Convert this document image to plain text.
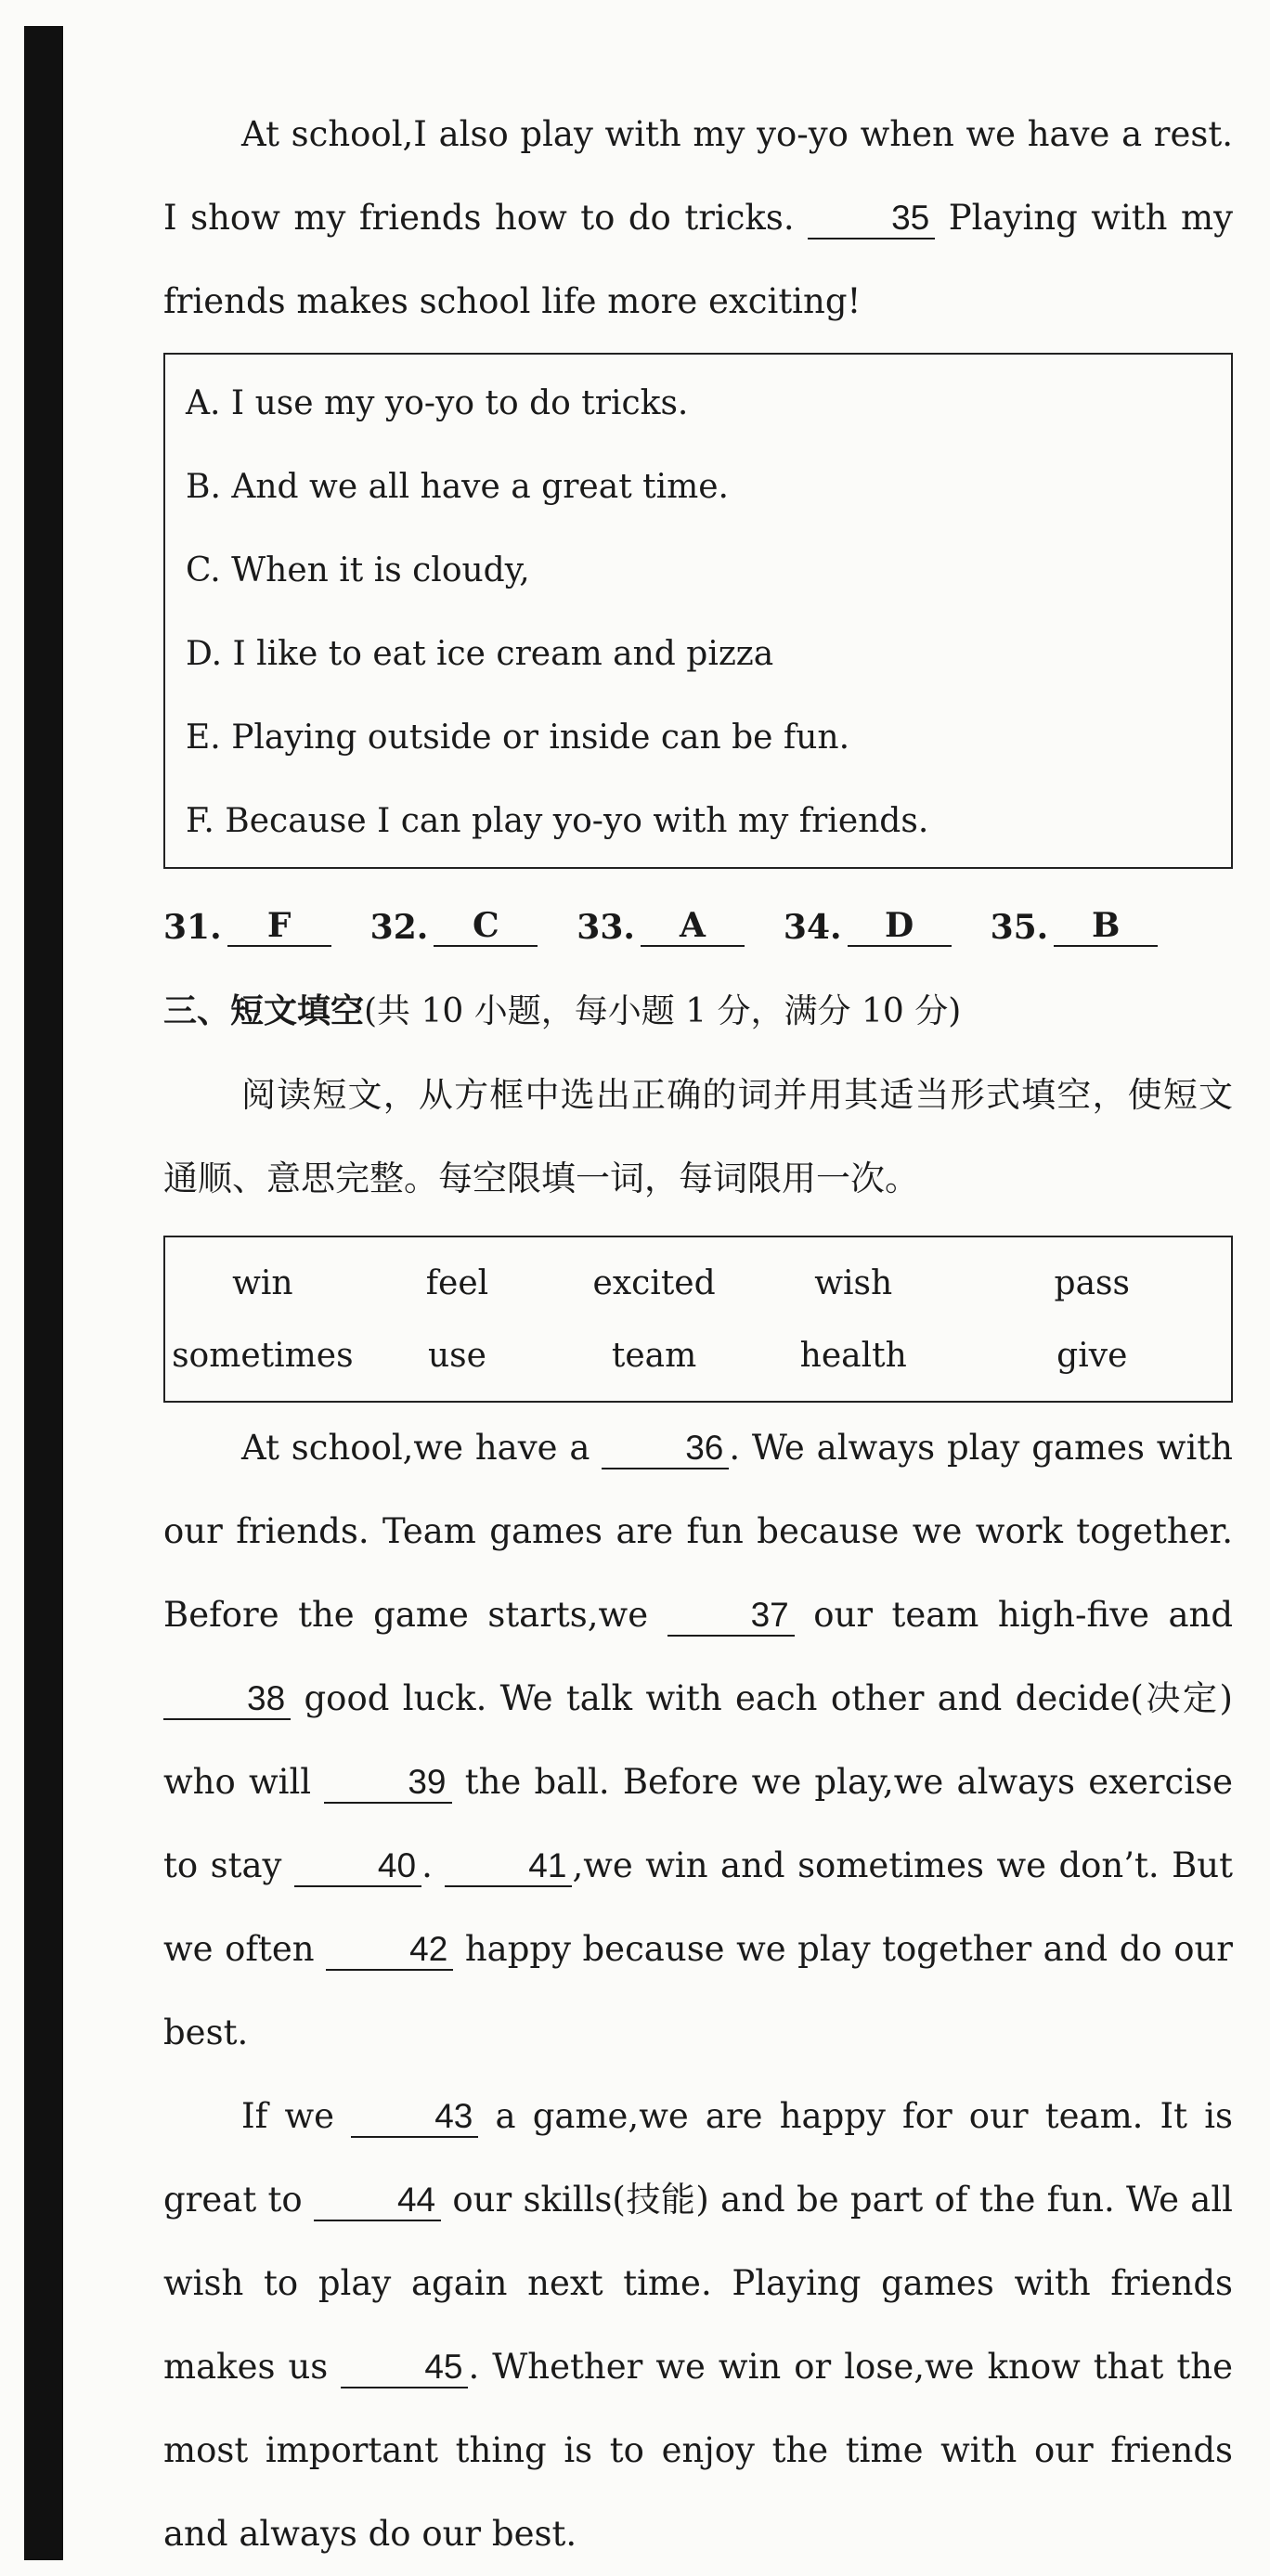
At school,I also play with my yo-yo when we have a rest. I show my friends how to do tricks.	35 Playing with my friends makes school life more exciting!

A. I use my yo-yo to do tricks.
B. And we all have a great time.
C. When it is cloudy,
D. I like to eat ice cream and pizza
E. Playing outside or inside can be fun.
F. Because I can play yo-yo with my friends.
31.	F	32.	C	33.	A	34.	D	35.	B

三、短文填空(共 10 小题，每小题 1 分，满分 10 分)

阅读短文，从方框中选出正确的词并用其适当形式填空，使短文通顺、意思完整。每空限填一词，每词限用一次。

win	feel	excited	wish	pass
sometimes	use	team	health	give

At school,we have a	36 . We always play games with our friends. Team games are fun because we work together. Before the game starts,we	37 our team high-five and 38 good luck. We talk with each other and decide(决定) who will	39 the ball. Before we play,we always exercise to stay	40 .	41 ,we win and sometimes we don’t. But we often	42 happy because we play together and do our best.

If we	43 a game,we are happy for our team. It is great to	44 our skills(技能) and be part of the fun. We all wish to play again next time. Playing games with friends makes us	45 . Whether we win or lose,we know that the most important thing is to enjoy the time with our friends and always do our best.
